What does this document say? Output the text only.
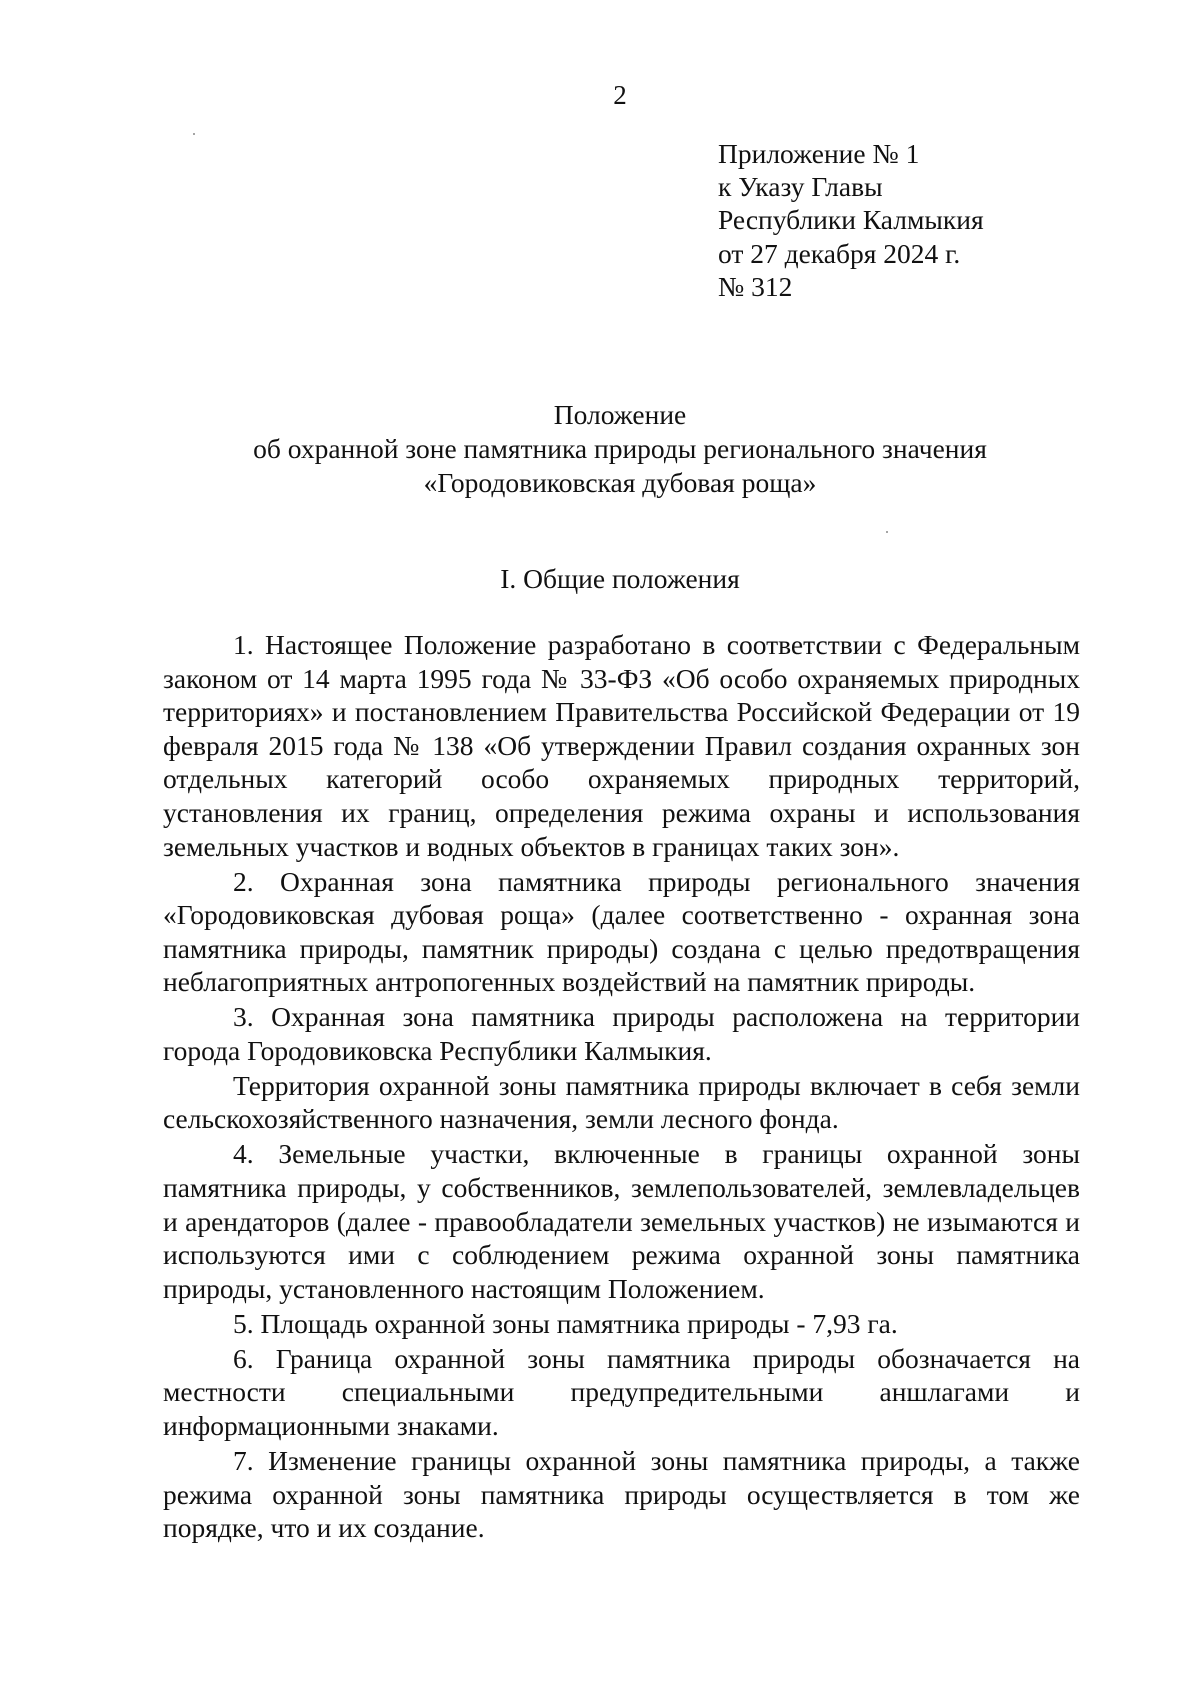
2
Приложение № 1
к Указу Главы
Республики Калмыкия
от 27 декабря 2024 г.
№ 312
Положение
об охранной зоне памятника природы регионального значения
«Городовиковская дубовая роща»
I. Общие положения

1. Настоящее Положение разработано в соответствии с Федеральным законом от 14 марта 1995 года № 33-ФЗ «Об особо охраняемых природных территориях» и постановлением Правительства Российской Федерации от 19 февраля 2015 года № 138 «Об утверждении Правил создания охранных зон отдельных категорий особо охраняемых природных территорий, установления их границ, определения режима охраны и использования земельных участков и водных объектов в границах таких зон».

2. Охранная зона памятника природы регионального значения «Городовиковская дубовая роща» (далее соответственно - охранная зона памятника природы, памятник природы) создана с целью предотвращения неблагоприятных антропогенных воздействий на памятник природы.

3. Охранная зона памятника природы расположена на территории города Городовиковска Республики Калмыкия.

Территория охранной зоны памятника природы включает в себя земли сельскохозяйственного назначения, земли лесного фонда.

4. Земельные участки, включенные в границы охранной зоны памятника природы, у собственников, землепользователей, землевладельцев и арендаторов (далее - правообладатели земельных участков) не изымаются и используются ими с соблюдением режима охранной зоны памятника природы, установленного настоящим Положением.

5. Площадь охранной зоны памятника природы - 7,93 га.

6. Граница охранной зоны памятника природы обозначается на местности специальными предупредительными аншлагами и информационными знаками.

7. Изменение границы охранной зоны памятника природы, а также режима охранной зоны памятника природы осуществляется в том же порядке, что и их создание.
